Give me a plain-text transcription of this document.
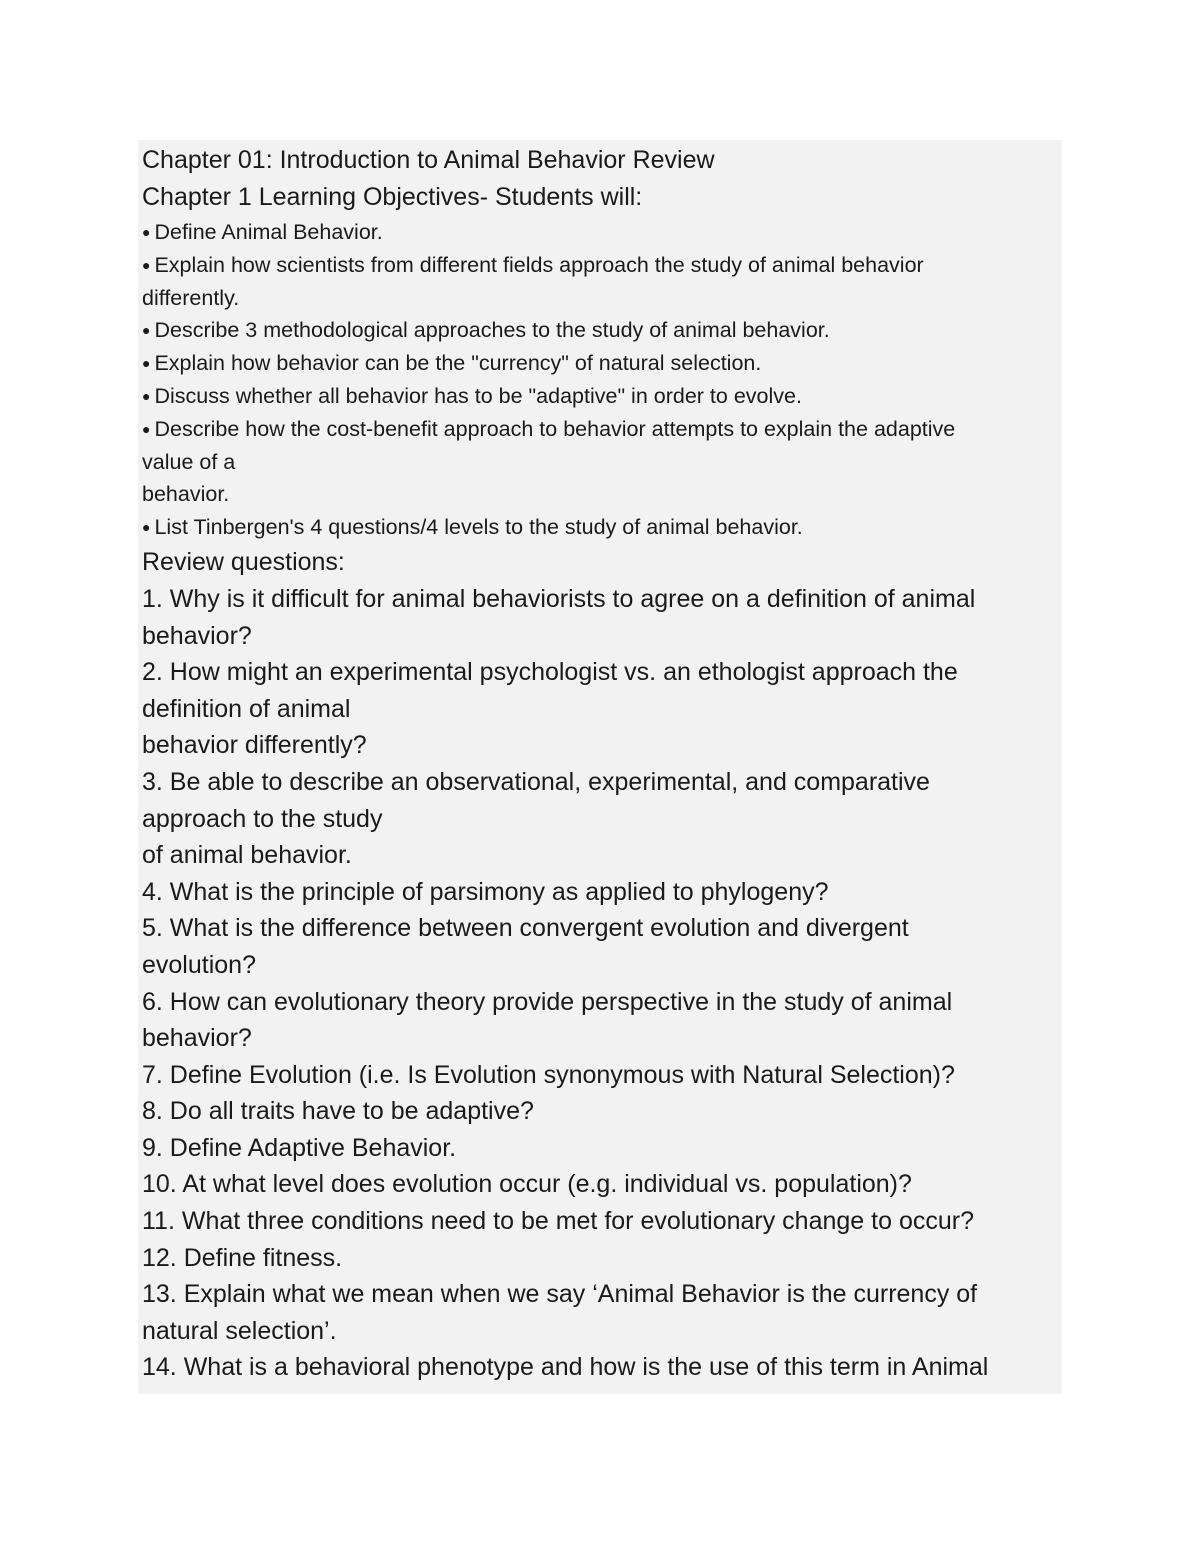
Chapter 01: Introduction to Animal Behavior Review
Chapter 1 Learning Objectives- Students will:
● Define Animal Behavior.
● Explain how scientists from different fields approach the study of animal behavior
differently.
● Describe 3 methodological approaches to the study of animal behavior.
● Explain how behavior can be the "currency" of natural selection.
● Discuss whether all behavior has to be "adaptive" in order to evolve.
● Describe how the cost-benefit approach to behavior attempts to explain the adaptive
value of a
behavior.
● List Tinbergen's 4 questions/4 levels to the study of animal behavior.
Review questions:
1. Why is it difficult for animal behaviorists to agree on a definition of animal
behavior?
2. How might an experimental psychologist vs. an ethologist approach the
definition of animal
behavior differently?
3. Be able to describe an observational, experimental, and comparative
approach to the study
of animal behavior.
4. What is the principle of parsimony as applied to phylogeny?
5. What is the difference between convergent evolution and divergent
evolution?
6. How can evolutionary theory provide perspective in the study of animal
behavior?
7. Define Evolution (i.e. Is Evolution synonymous with Natural Selection)?
8. Do all traits have to be adaptive?
9. Define Adaptive Behavior.
10. At what level does evolution occur (e.g. individual vs. population)?
11. What three conditions need to be met for evolutionary change to occur?
12. Define fitness.
13. Explain what we mean when we say ‘Animal Behavior is the currency of
natural selection’.
14. What is a behavioral phenotype and how is the use of this term in Animal
